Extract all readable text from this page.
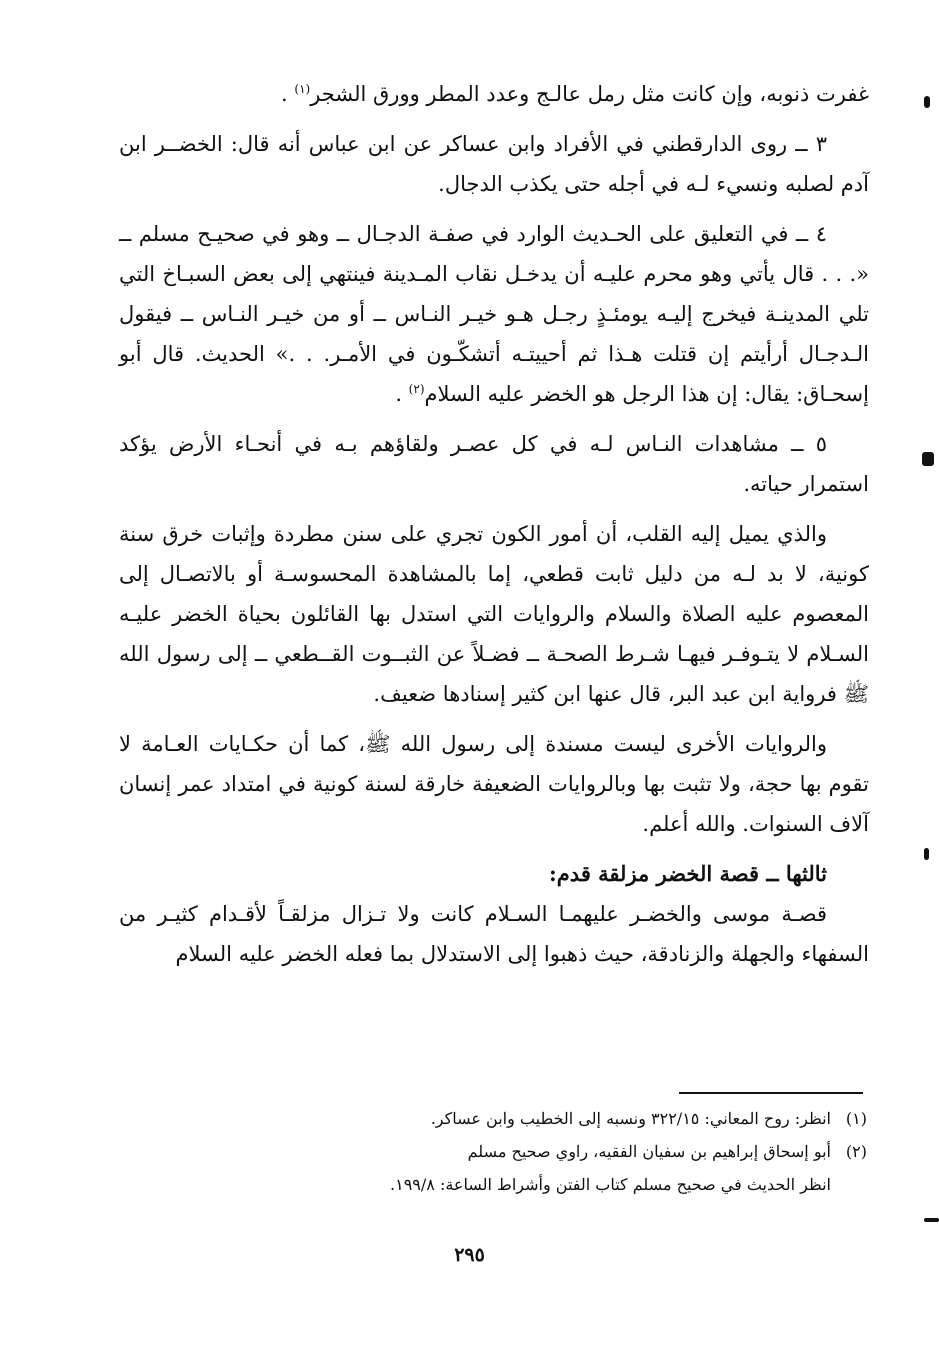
غفرت ذنوبه، وإن كانت مثل رمل عالـج وعدد المطر وورق الشجر$^{(١)}$ .

٣ ــ روى الدارقطني في الأفراد وابن عساكر عن ابن عباس أنه قال: الخضــر ابن آدم لصلبه ونسيء لـه في أجله حتى يكذب الدجال.

٤ ــ في التعليق على الحـديث الوارد في صفـة الدجـال ــ وهو في صحيـح مسلم ــ «. . . قال يأتي وهو محرم عليـه أن يدخـل نقاب المـدينة فينتهي إلى بعض السبـاخ التي تلي المدينـة فيخرج إليـه يومئـذٍ رجـل هـو خيـر النـاس ــ أو من خيـر النـاس ــ فيقول الـدجـال أرأيتم إن قتلت هـذا ثم أحييتـه أتشكّـون في الأمـر. . .» الحديث. قال أبو إسحـاق: يقال: إن هذا الرجل هو الخضر عليه السلام$^{(٢)}$ .

٥ ــ مشاهدات النـاس لـه في كل عصـر ولقاؤهم بـه في أنحـاء الأرض يؤكد استمرار حياته.

والذي يميل إليه القلب، أن أمور الكون تجري على سنن مطردة وإثبات خرق سنة كونية، لا بد لـه من دليل ثابت قطعي، إما بالمشاهدة المحسوسـة أو بالاتصـال إلى المعصوم عليه الصلاة والسلام والروايات التي استدل بها القائلون بحياة الخضر عليـه السـلام لا يتـوفـر فيهـا شـرط الصحـة ــ فضـلاً عن الثبــوت القــطعي ــ إلى رسول الله ﷺ فرواية ابن عبد البر، قال عنها ابن كثير إسنادها ضعيف.

والروايات الأخرى ليست مسندة إلى رسول الله ﷺ، كما أن حكـايات العـامة لا تقوم بها حجة، ولا تثبت بها وبالروايات الضعيفة خارقة لسنة كونية في امتداد عمر إنسان آلاف السنوات. والله أعلم.

ثالثها ــ قصة الخضر مزلقة قدم:

قصـة موسى والخضـر عليهمـا السـلام كانت ولا تـزال مزلقـاً لأقـدام كثيـر من السفهاء والجهلة والزنادقة، حيث ذهبوا إلى الاستدلال بما فعله الخضر عليه السلام

(١)انظر: روح المعاني: ٣٢٢/١٥ ونسبه إلى الخطيب وابن عساكر.

(٢)أبو إسحاق إبراهيم بن سفيان الفقيه، راوي صحيح مسلم

انظر الحديث في صحيح مسلم كتاب الفتن وأشراط الساعة: ١٩٩/٨.

٢٩٥
